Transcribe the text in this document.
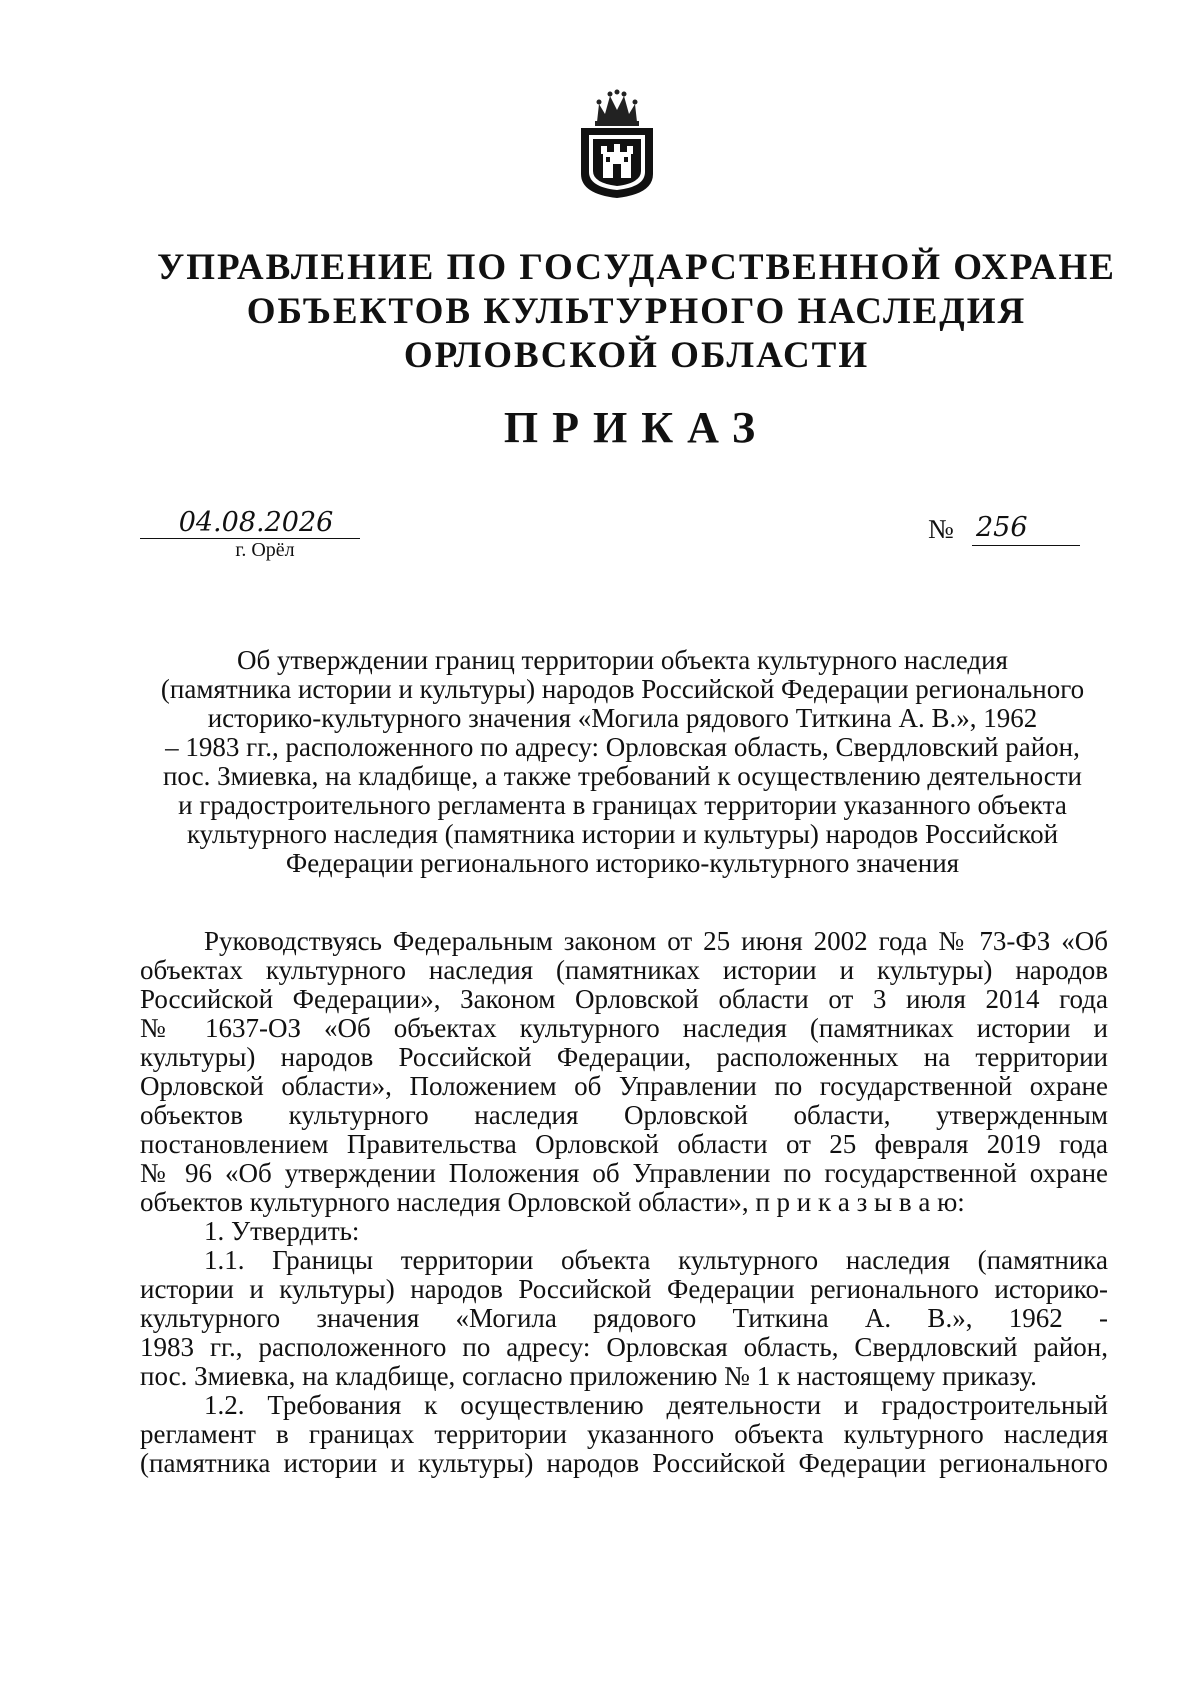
УПРАВЛЕНИЕ ПО ГОСУДАРСТВЕННОЙ ОХРАНЕ
ОБЪЕКТОВ КУЛЬТУРНОГО НАСЛЕДИЯ
ОРЛОВСКОЙ ОБЛАСТИ
ПРИКАЗ
04.08.2026
г. Орёл
№ 256
Об утверждении границ территории объекта культурного наследия
(памятника истории и культуры) народов Российской Федерации регионального
историко-культурного значения «Могила рядового Титкина А. В.», 1962
– 1983 гг., расположенного по адресу: Орловская область, Свердловский район,
пос. Змиевка, на кладбище, а также требований к осуществлению деятельности
и градостроительного регламента в границах территории указанного объекта
культурного наследия (памятника истории и культуры) народов Российской
Федерации регионального историко-культурного значения
Руководствуясь Федеральным законом от 25 июня 2002 года № 73-ФЗ «Об
объектах культурного наследия (памятниках истории и культуры) народов
Российской Федерации», Законом Орловской области от 3 июля 2014 года
№ 1637-ОЗ «Об объектах культурного наследия (памятниках истории и
культуры) народов Российской Федерации, расположенных на территории
Орловской области», Положением об Управлении по государственной охране
объектов культурного наследия Орловской области, утвержденным
постановлением Правительства Орловской области от 25 февраля 2019 года
№ 96 «Об утверждении Положения об Управлении по государственной охране
объектов культурного наследия Орловской области», п р и к а з ы в а ю:
1. Утвердить:
1.1. Границы территории объекта культурного наследия (памятника
истории и культуры) народов Российской Федерации регионального историко-
культурного значения «Могила рядового Титкина А. В.», 1962 -
1983 гг., расположенного по адресу: Орловская область, Свердловский район,
пос. Змиевка, на кладбище, согласно приложению № 1 к настоящему приказу.
1.2. Требования к осуществлению деятельности и градостроительный
регламент в границах территории указанного объекта культурного наследия
(памятника истории и культуры) народов Российской Федерации регионального
